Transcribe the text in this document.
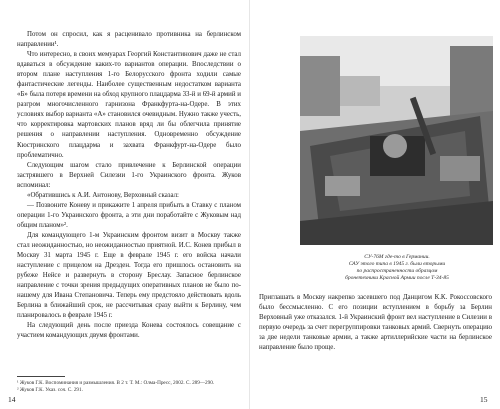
Потом он спросил, как я расценивало противника на берлинском направлении¹.

Что интересно, в своих мемуарах Георгий Константинович даже не стал вдаваться в обсуждение каких-то вариантов операции. Впоследствии о втором плане наступления 1-го Белорусского фронта ходили самые фантастические легенды. Наиболее существенным недостатком варианта «Б» была потеря времени на обход крупного плацдарма 33-й и 69-й армий и разгром многочисленного гарнизона Франкфурта-на-Одере. В этих условиях выбор варианта «А» становился очевидным. Нужно также учесть, что корректировка мартовских планов вряд ли бы облегчила принятие решения о направлении наступления. Одновременно обсуждение Кюстринского плацдарма и захвата Франкфурт-на-Одере было проблематично.

Следующим шагом стало привлечение к Берлинской операции застрявшего в Верхней Силезии 1-го Украинского фронта. Жуков вспоминал:

«Обратившись к А.И. Антонову, Верховный сказал:

— Позвоните Коневу и прикажите 1 апреля прибыть в Ставку с планом операции 1-го Украинского фронта, а эти дни поработайте с Жуковым над общим планом»².

Для командующего 1-м Украинским фронтом визит в Москву также стал неожиданностью, но неожиданностью приятной. И.С. Конев прибыл в Москву 31 марта 1945 г. Еще в феврале 1945 г. его войска начали наступление с прицелом на Дрезден. Тогда его пришлось остановить на рубеже Нейсе и развернуть в сторону Бреслау. Запасное берлинское направление с точки зрения предыдущих оперативных планов не было по-нашему для Ивана Степановича. Теперь ему предстояло действовать вдоль Берлина в ближайший срок, не рассчитывая сразу выйти к Берлину, чем планировалось в феврале 1945 г.

На следующий день после приезда Конева состоялось совещание с участием командующих двумя фронтами.

¹ Жуков Г.К. Воспоминания и размышления. В 2 т. Т. М.: Олма-Пресс, 2002. С. 289—290.

² Жуков Г.К. Указ. соч. С. 291.

14

СУ-76М где-то в Германии.

САУ этого типа в 1945 г. были вторыми

по распространенности образцом

бронетехники Красной Армии после Т-34-85

Приглашать в Москву накрепко засевшего под Данцигом К.К. Рокоссовского было бессмысленно. С его позиции вступлением в борьбу за Берлин Верховный уже отказался. 1-й Украинский фронт вел наступление в Силезии в первую очередь за счет перегруппировки танковых армий. Свернуть операцию за две недели танковые армии, а также артиллерийские части на берлинское направление было проще.

15
